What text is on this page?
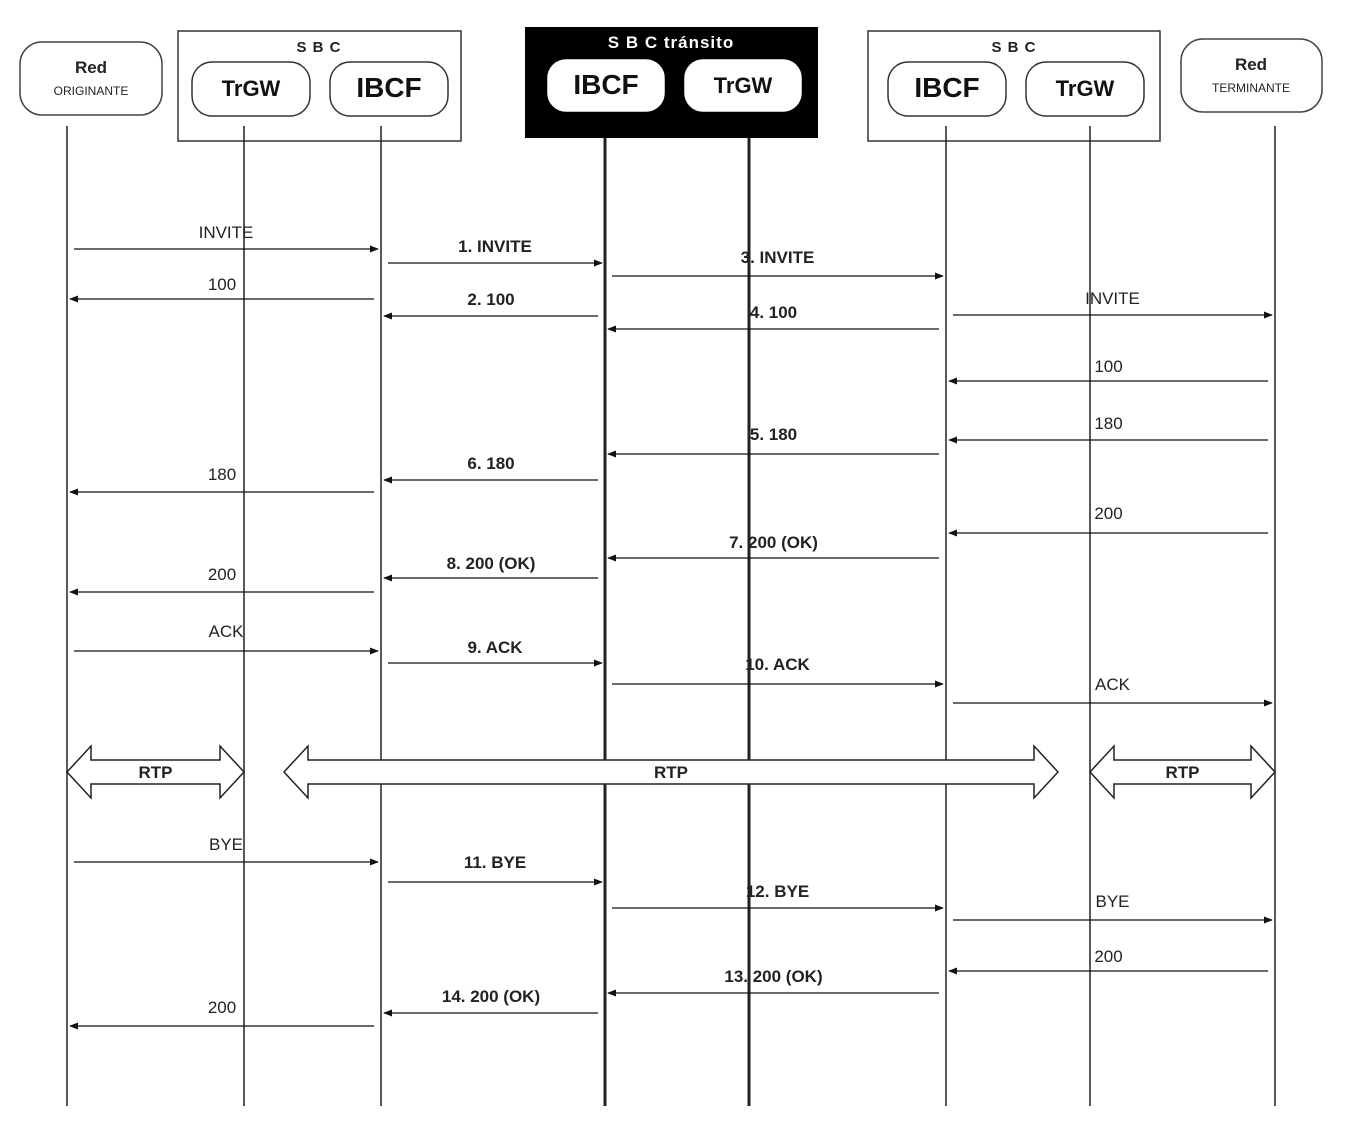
S B C	S B C tránsito	S B C
Red
ORIGINANTE	TrGW	IBCF	IBCF	TrGW	IBCF	TrGW
Red
TERMINANTE
INVITE
1. INVITE
3. INVITE
100
2. 100	INVITE
4. 100
100
180
5. 180
6. 180
180
200
7. 200 (OK)
8. 200 (OK)
200
ACK
9. ACK
10. ACK
ACK
BYE
11. BYE
12. BYE
BYE
200
13. 200 (OK)
14. 200 (OK)
200
RTP	RTP	RTP
